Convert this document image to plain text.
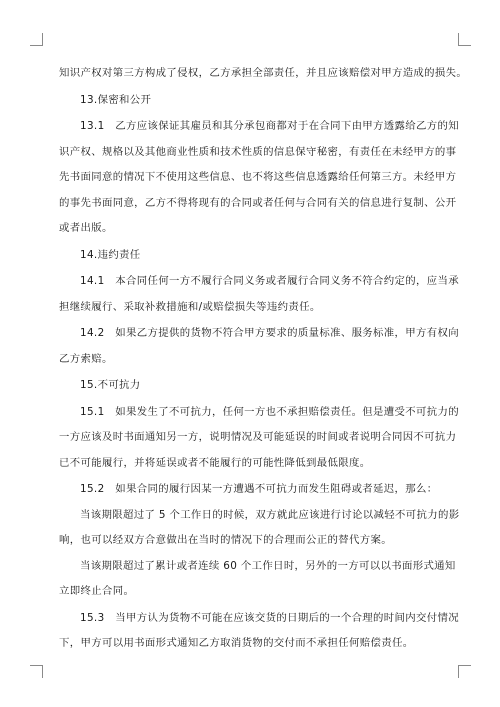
知识产权对第三方构成了侵权，乙方承担全部责任，并且应该赔偿对甲方造成的损失。

13.保密和公开

13.1　乙方应该保证其雇员和其分承包商都对于在合同下由甲方透露给乙方的知

识产权、规格以及其他商业性质和技术性质的信息保守秘密，有责任在未经甲方的事

先书面同意的情况下不使用这些信息、也不将这些信息透露给任何第三方。未经甲方

的事先书面同意，乙方不得将现有的合同或者任何与合同有关的信息进行复制、公开

或者出版。

14.违约责任

14.1　本合同任何一方不履行合同义务或者履行合同义务不符合约定的，应当承

担继续履行、采取补救措施和/或赔偿损失等违约责任。

14.2　如果乙方提供的货物不符合甲方要求的质量标准、服务标准，甲方有权向

乙方索赔。

15.不可抗力

15.1　如果发生了不可抗力，任何一方也不承担赔偿责任。但是遭受不可抗力的

一方应该及时书面通知另一方，说明情况及可能延误的时间或者说明合同因不可抗力

已不可能履行，并将延误或者不能履行的可能性降低到最低限度。

15.2　如果合同的履行因某一方遭遇不可抗力而发生阻碍或者延迟，那么：

当该期限超过了 5 个工作日的时候，双方就此应该进行讨论以减轻不可抗力的影

响，也可以经双方合意做出在当时的情况下的合理而公正的替代方案。

当该期限超过了累计或者连续 60 个工作日时，另外的一方可以以书面形式通知

立即终止合同。

15.3　当甲方认为货物不可能在应该交货的日期后的一个合理的时间内交付情况

下，甲方可以用书面形式通知乙方取消货物的交付而不承担任何赔偿责任。
